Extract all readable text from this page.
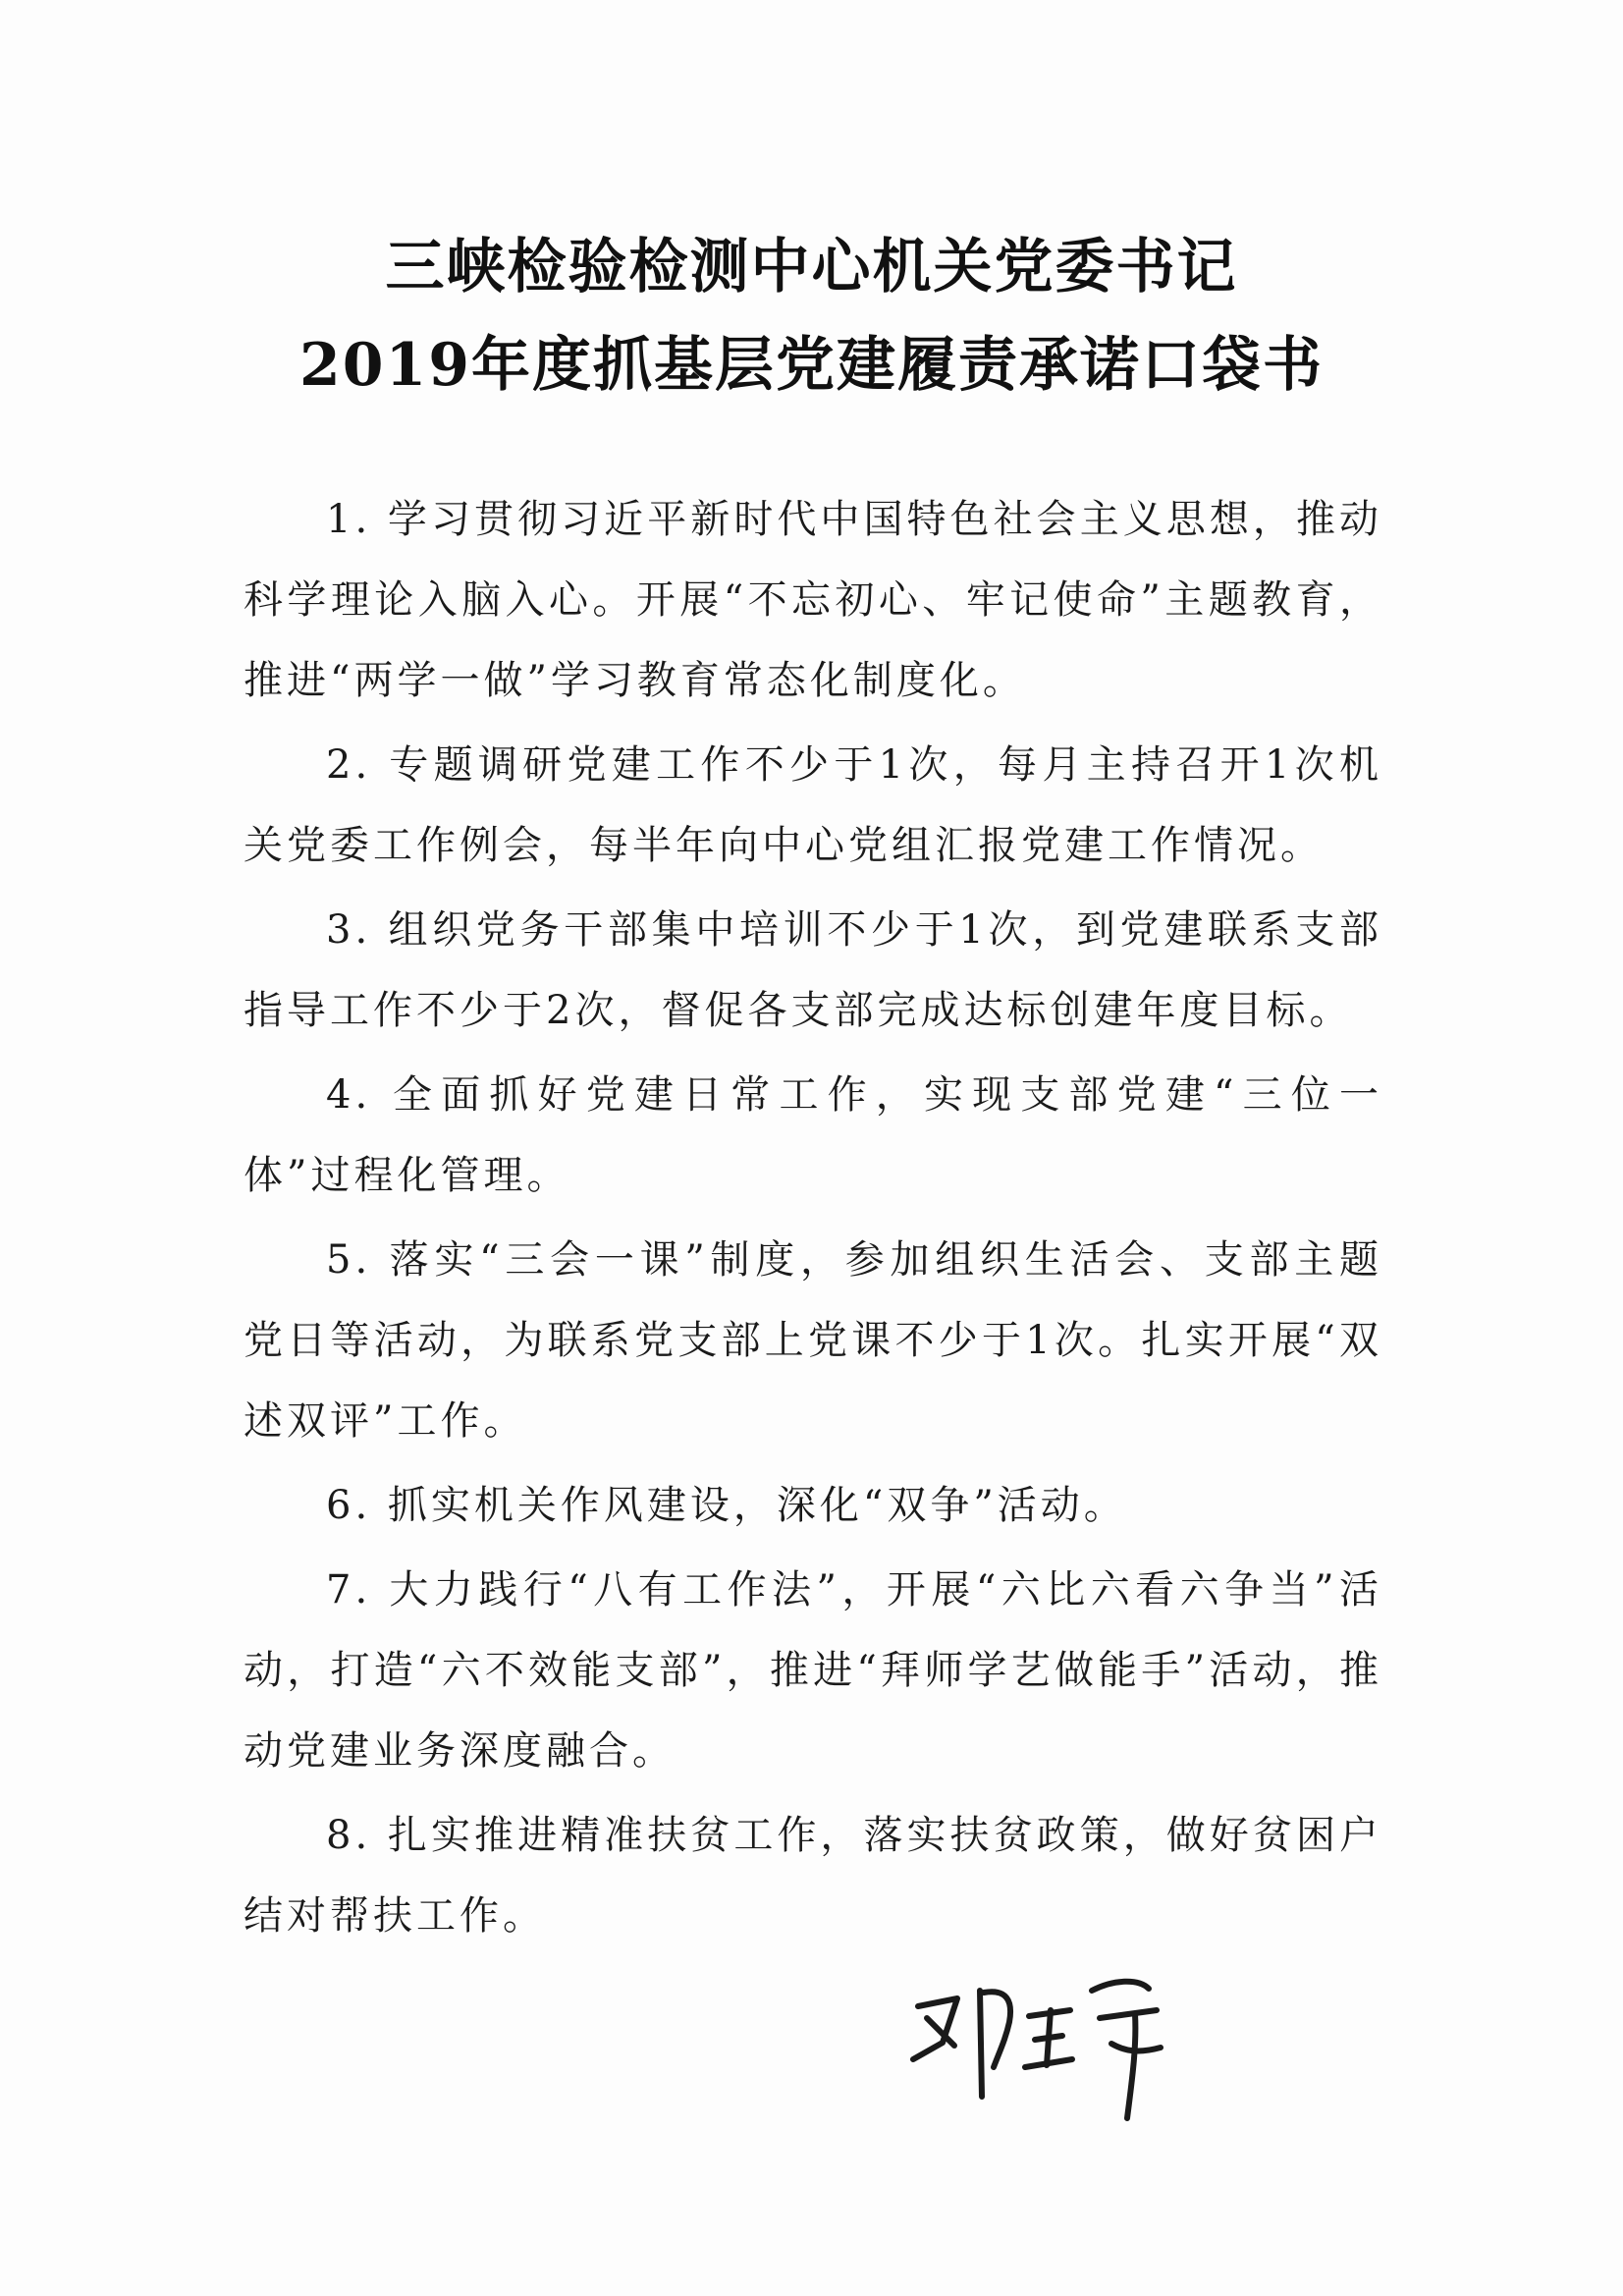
三峡检验检测中心机关党委书记
2019年度抓基层党建履责承诺口袋书

1. 学习贯彻习近平新时代中国特色社会主义思想，推动科学理论入脑入心。开展“不忘初心、牢记使命”主题教育，推进“两学一做”学习教育常态化制度化。

2. 专题调研党建工作不少于1次，每月主持召开1次机关党委工作例会，每半年向中心党组汇报党建工作情况。

3. 组织党务干部集中培训不少于1次，到党建联系支部指导工作不少于2次，督促各支部完成达标创建年度目标。

4. 全面抓好党建日常工作，实现支部党建“三位一体”过程化管理。

5. 落实“三会一课”制度，参加组织生活会、支部主题党日等活动，为联系党支部上党课不少于1次。扎实开展“双述双评”工作。

6. 抓实机关作风建设，深化“双争”活动。

7. 大力践行“八有工作法”，开展“六比六看六争当”活动，打造“六不效能支部”，推进“拜师学艺做能手”活动，推动党建业务深度融合。

8. 扎实推进精准扶贫工作，落实扶贫政策，做好贫困户结对帮扶工作。
